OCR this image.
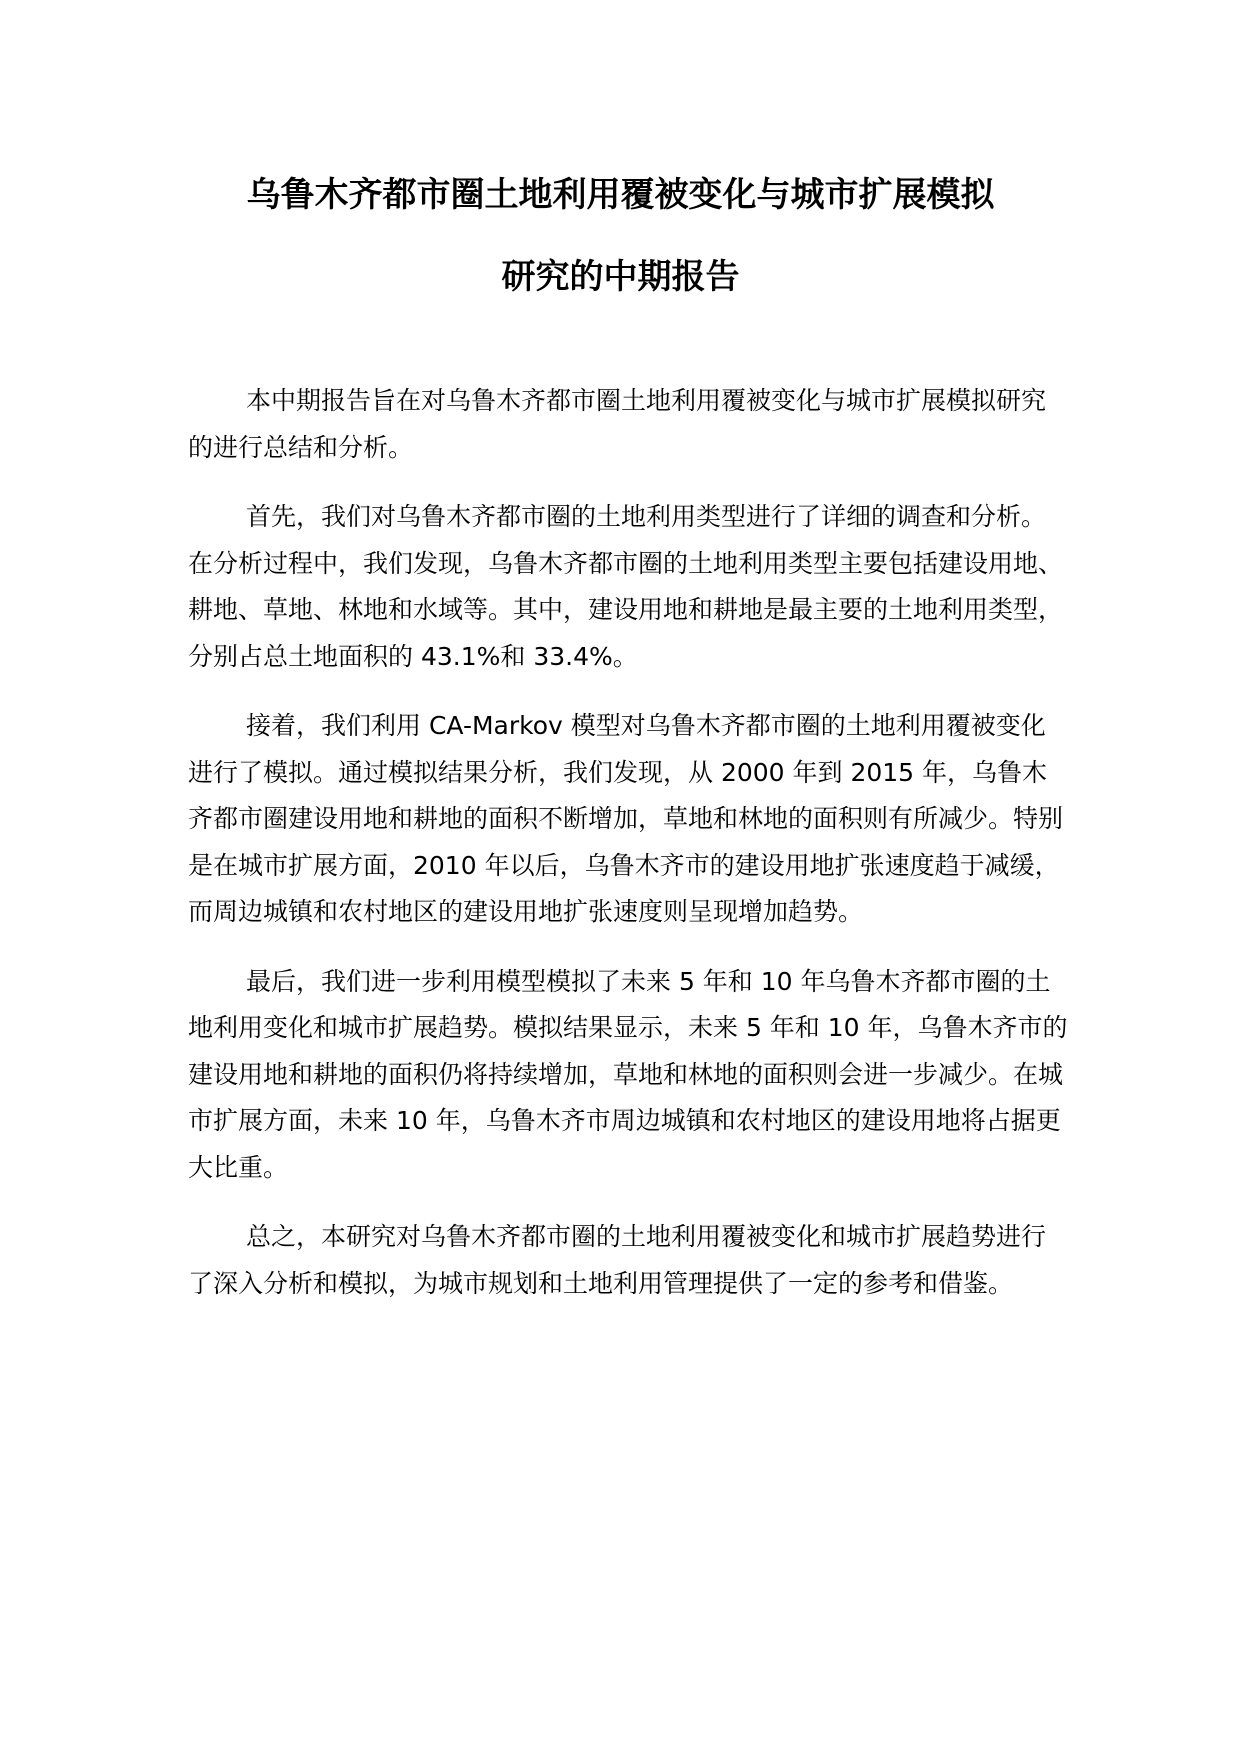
乌鲁木齐都市圈土地利用覆被变化与城市扩展模拟
研究的中期报告

本中期报告旨在对乌鲁木齐都市圈土地利用覆被变化与城市扩展模拟研究的进行总结和分析。

首先，我们对乌鲁木齐都市圈的土地利用类型进行了详细的调查和分析。在分析过程中，我们发现，乌鲁木齐都市圈的土地利用类型主要包括建设用地、耕地、草地、林地和水域等。其中，建设用地和耕地是最主要的土地利用类型，分别占总土地面积的 43.1%和 33.4%。

接着，我们利用 CA-Markov 模型对乌鲁木齐都市圈的土地利用覆被变化进行了模拟。通过模拟结果分析，我们发现，从 2000 年到 2015 年，乌鲁木齐都市圈建设用地和耕地的面积不断增加，草地和林地的面积则有所减少。特别是在城市扩展方面，2010 年以后，乌鲁木齐市的建设用地扩张速度趋于减缓，而周边城镇和农村地区的建设用地扩张速度则呈现增加趋势。

最后，我们进一步利用模型模拟了未来 5 年和 10 年乌鲁木齐都市圈的土地利用变化和城市扩展趋势。模拟结果显示，未来 5 年和 10 年，乌鲁木齐市的建设用地和耕地的面积仍将持续增加，草地和林地的面积则会进一步减少。在城市扩展方面，未来 10 年，乌鲁木齐市周边城镇和农村地区的建设用地将占据更大比重。

总之，本研究对乌鲁木齐都市圈的土地利用覆被变化和城市扩展趋势进行了深入分析和模拟，为城市规划和土地利用管理提供了一定的参考和借鉴。
